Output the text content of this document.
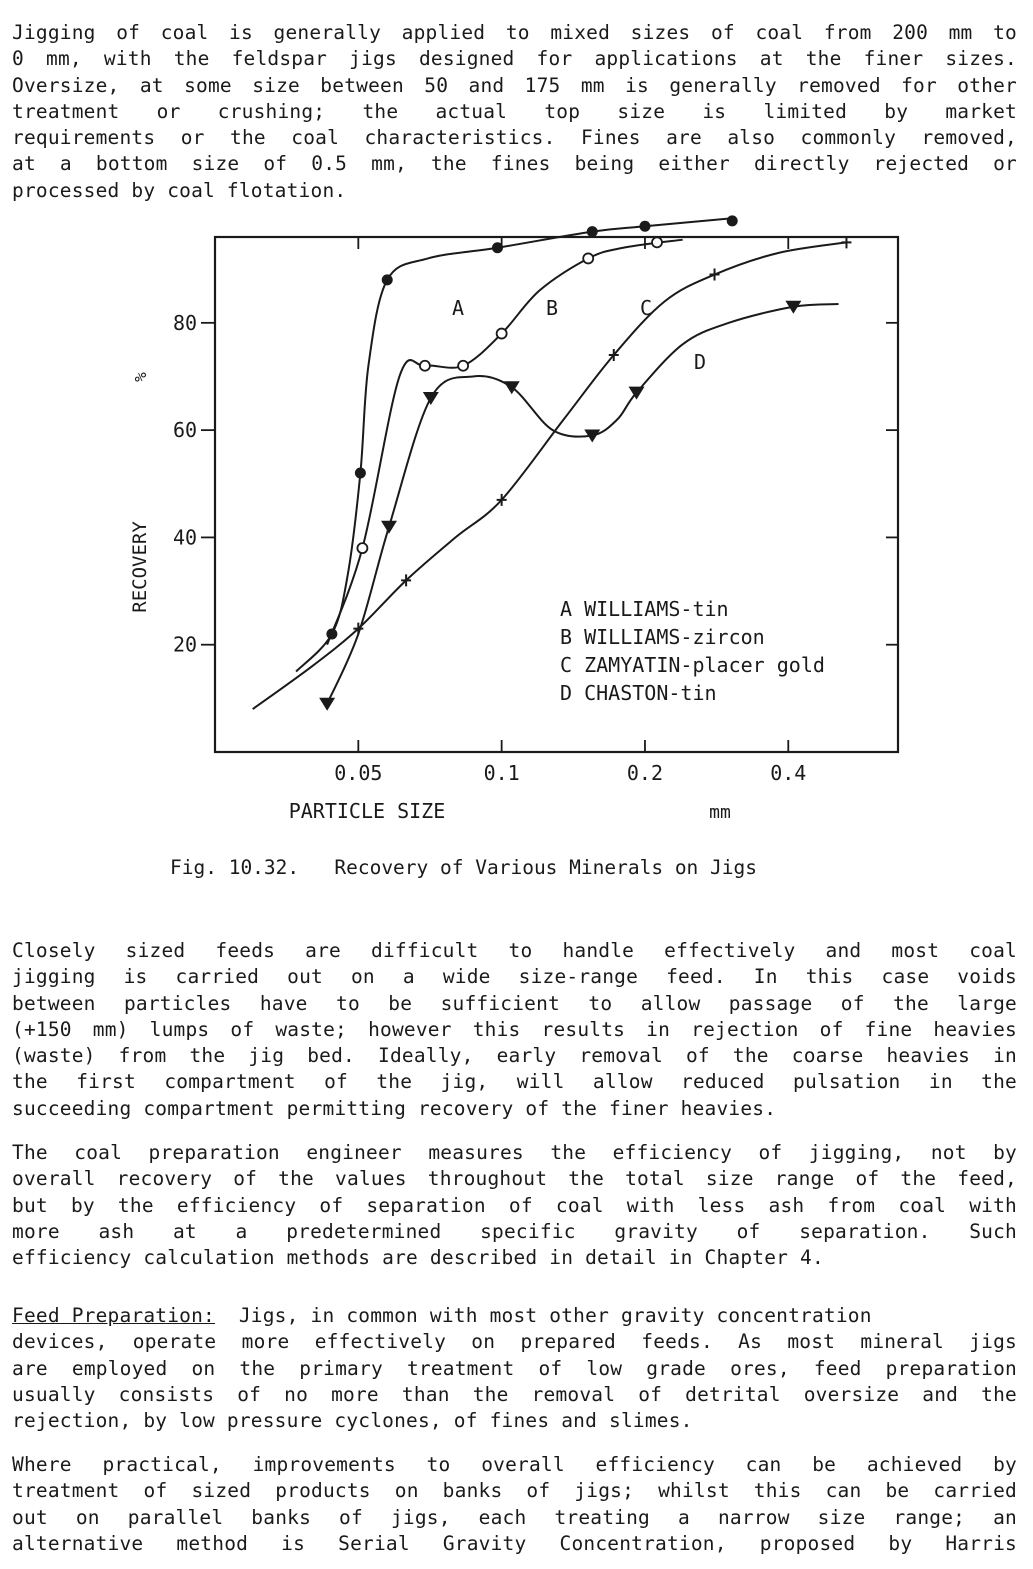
Jigging of coal is generally applied to mixed sizes of coal from 200 mm to
0 mm, with the feldspar jigs designed for applications at the finer sizes.
Oversize, at some size between 50 and 175 mm is generally removed for other
treatment or crushing; the actual top size is limited by market
requirements or the coal characteristics. Fines are also commonly removed,
at a bottom size of 0.5 mm, the fines being either directly rejected or
processed by coal flotation.
20
40
60
80
0.05	0.1	0.2	0.4
PARTICLE SIZE	mm
RECOVERY
%
A	B	C
D
A WILLIAMS-tin
B WILLIAMS-zircon
C ZAMYATIN-placer gold
D CHASTON-tin
Fig. 10.32.   Recovery of Various Minerals on Jigs
Closely sized feeds are difficult to handle effectively and most coal
jigging is carried out on a wide size-range feed. In this case voids
between particles have to be sufficient to allow passage of the large
(+150 mm) lumps of waste; however this results in rejection of fine heavies
(waste) from the jig bed. Ideally, early removal of the coarse heavies in
the first compartment of the jig, will allow reduced pulsation in the
succeeding compartment permitting recovery of the finer heavies.
The coal preparation engineer measures the efficiency of jigging, not by
overall recovery of the values throughout the total size range of the feed,
but by the efficiency of separation of coal with less ash from coal with
more ash at a predetermined specific gravity of separation. Such
efficiency calculation methods are described in detail in Chapter 4.
Feed Preparation:  Jigs, in common with most other gravity concentration
devices, operate more effectively on prepared feeds. As most mineral jigs
are employed on the primary treatment of low grade ores, feed preparation
usually consists of no more than the removal of detrital oversize and the
rejection, by low pressure cyclones, of fines and slimes.
Where practical, improvements to overall efficiency can be achieved by
treatment of sized products on banks of jigs; whilst this can be carried
out on parallel banks of jigs, each treating a narrow size range; an
alternative method is Serial Gravity Concentration, proposed by Harris
